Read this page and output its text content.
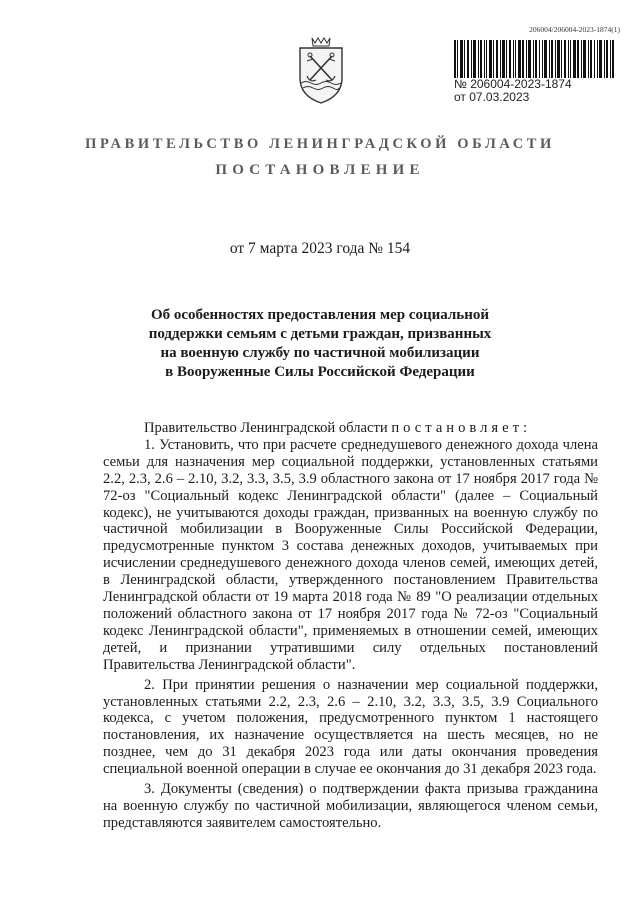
206004/206004-2023-1874(1)
№ 206004-2023-1874
от 07.03.2023
ПРАВИТЕЛЬСТВО ЛЕНИНГРАДСКОЙ ОБЛАСТИ
ПОСТАНОВЛЕНИЕ
от 7 марта 2023 года № 154
Об особенностях предоставления мер социальной
поддержки семьям с детьми граждан, призванных
на военную службу по частичной мобилизации
в Вооруженные Силы Российской Федерации

Правительство Ленинградской области постановляет:

1. Установить, что при расчете среднедушевого денежного дохода члена семьи для назначения мер социальной поддержки, установленных статьями 2.2, 2.3, 2.6 – 2.10, 3.2, 3.3, 3.5, 3.9 областного закона от 17 ноября 2017 года № 72-оз "Социальный кодекс Ленинградской области" (далее – Социальный кодекс), не учитываются доходы граждан, призванных на военную службу по частичной мобилизации в Вооруженные Силы Российской Федерации, предусмотренные пунктом 3 состава денежных доходов, учитываемых при исчислении среднедушевого денежного дохода членов семей, имеющих детей, в Ленинградской области, утвержденного постановлением Правительства Ленинградской области от 19 марта 2018 года № 89 "О реализации отдельных положений областного закона от 17 ноября 2017 года № 72-оз "Социальный кодекс Ленинградской области", применяемых в отношении семей, имеющих детей, и признании утратившими силу отдельных постановлений Правительства Ленинградской области".

2. При принятии решения о назначении мер социальной поддержки, установленных статьями 2.2, 2.3, 2.6 – 2.10, 3.2, 3.3, 3.5, 3.9 Социального кодекса, с учетом положения, предусмотренного пунктом 1 настоящего постановления, их назначение осуществляется на шесть месяцев, но не позднее, чем до 31 декабря 2023 года или даты окончания проведения специальной военной операции в случае ее окончания до 31 декабря 2023 года.

3. Документы (сведения) о подтверждении факта призыва гражданина на военную службу по частичной мобилизации, являющегося членом семьи, представляются заявителем самостоятельно.
